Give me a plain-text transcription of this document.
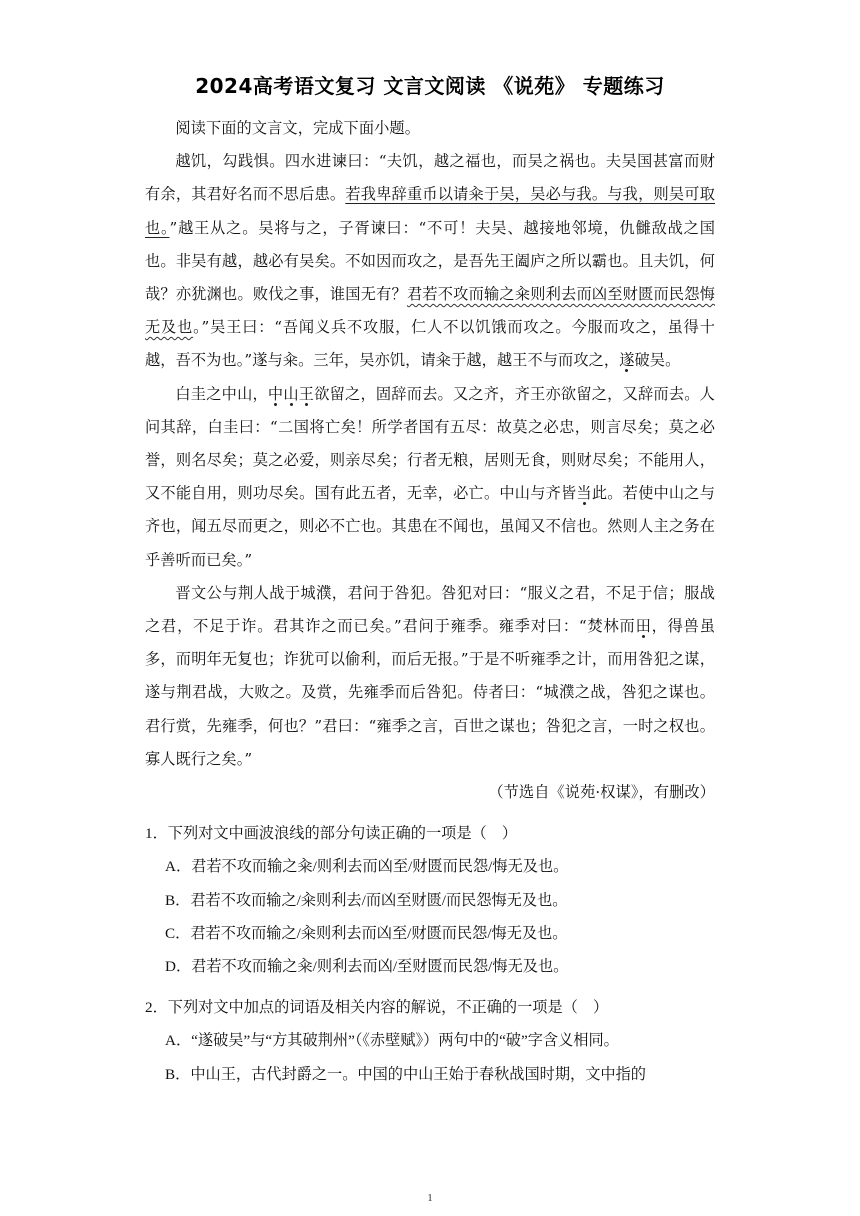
2024高考语文复习 文言文阅读 《说苑》 专题练习

阅读下面的文言文，完成下面小题。

越饥，勾践惧。四水进谏曰：“夫饥，越之福也，而吴之祸也。夫吴国甚富而财有余，其君好名而不思后患。若我卑辞重币以请籴于吴，吴必与我。与我，则吴可取也。”越王从之。吴将与之，子胥谏曰：“不可！夫吴、越接地邻境，仇雠敌战之国也。非吴有越，越必有吴矣。不如因而攻之，是吾先王阖庐之所以霸也。且夫饥，何哉？亦犹渊也。败伐之事，谁国无有？君若不攻而输之籴则利去而凶至财匮而民怨悔无及也。”吴王曰：“吾闻义兵不攻服，仁人不以饥饿而攻之。今服而攻之，虽得十越，吾不为也。”遂与籴。三年，吴亦饥，请籴于越，越王不与而攻之，遂破吴。

白圭之中山，中山王欲留之，固辞而去。又之齐，齐王亦欲留之，又辞而去。人问其辞，白圭曰：“二国将亡矣！所学者国有五尽：故莫之必忠，则言尽矣；莫之必誉，则名尽矣；莫之必爱，则亲尽矣；行者无粮，居则无食，则财尽矣；不能用人，又不能自用，则功尽矣。国有此五者，无幸，必亡。中山与齐皆当此。若使中山之与齐也，闻五尽而更之，则必不亡也。其患在不闻也，虽闻又不信也。然则人主之务在乎善听而已矣。”

晋文公与荆人战于城濮，君问于咎犯。咎犯对曰：“服义之君，不足于信；服战之君，不足于诈。君其诈之而已矣。”君问于雍季。雍季对曰：“焚林而田，得兽虽多，而明年无复也；诈犹可以偷利，而后无报。”于是不听雍季之计，而用咎犯之谋，遂与荆君战，大败之。及赏，先雍季而后咎犯。侍者曰：“城濮之战，咎犯之谋也。君行赏，先雍季，何也？”君曰：“雍季之言，百世之谋也；咎犯之言，一时之权也。寡人既行之矣。”

（节选自《说苑·权谋》，有删改）

1．下列对文中画波浪线的部分句读正确的一项是（　）

A．君若不攻而输之籴/则利去而凶至/财匮而民怨/悔无及也。

B．君若不攻而输之/籴则利去/而凶至财匮/而民怨悔无及也。

C．君若不攻而输之/籴则利去而凶至/财匮而民怨/悔无及也。

D．君若不攻而输之籴/则利去而凶/至财匮而民怨/悔无及也。

2．下列对文中加点的词语及相关内容的解说，不正确的一项是（　）

A．“遂破吴”与“方其破荆州”（《赤壁赋》）两句中的“破”字含义相同。

B．中山王，古代封爵之一。中国的中山王始于春秋战国时期，文中指的

1
